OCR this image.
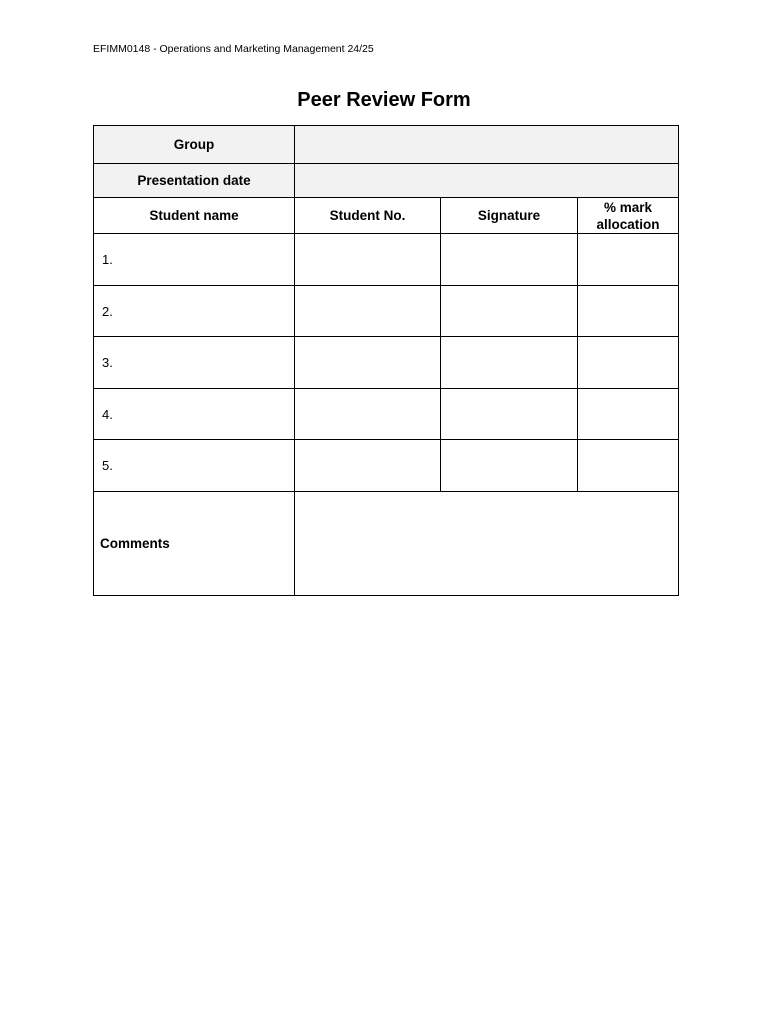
EFIMM0148 - Operations and Marketing Management 24/25
Peer Review Form
Group			
Presentation date			
Student name	Student No.	Signature	% mark allocation
1.			
2.			
3.			
4.			
5.			
Comments			
